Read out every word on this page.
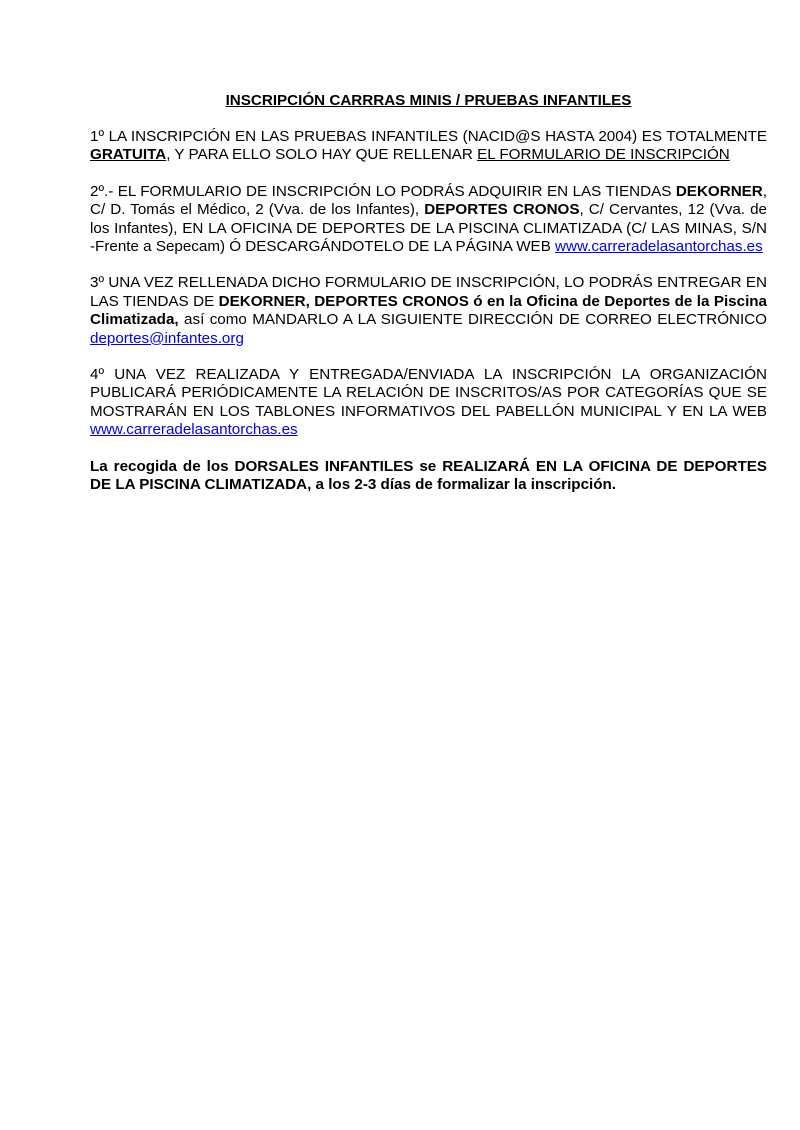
INSCRIPCIÓN CARRRAS MINIS / PRUEBAS INFANTILES

1º LA INSCRIPCIÓN EN LAS PRUEBAS INFANTILES (NACID@S HASTA 2004) ES TOTALMENTE GRATUITA, Y PARA ELLO SOLO HAY QUE RELLENAR EL FORMULARIO DE INSCRIPCIÓN

2º.- EL FORMULARIO DE INSCRIPCIÓN LO PODRÁS ADQUIRIR EN LAS TIENDAS DEKORNER, C/ D. Tomás el Médico, 2 (Vva. de los Infantes), DEPORTES CRONOS, C/ Cervantes, 12 (Vva. de los Infantes), EN LA OFICINA DE DEPORTES DE LA PISCINA CLIMATIZADA (C/ LAS MINAS, S/N -Frente a Sepecam) Ó DESCARGÁNDOTELO DE LA PÁGINA WEB www.carreradelasantorchas.es

3º UNA VEZ RELLENADA DICHO FORMULARIO DE INSCRIPCIÓN, LO PODRÁS ENTREGAR EN LAS TIENDAS DE DEKORNER, DEPORTES CRONOS ó en la Oficina de Deportes de la Piscina Climatizada, así como MANDARLO A LA SIGUIENTE DIRECCIÓN DE CORREO ELECTRÓNICO deportes@infantes.org

4º UNA VEZ REALIZADA Y ENTREGADA/ENVIADA LA INSCRIPCIÓN LA ORGANIZACIÓN PUBLICARÁ PERIÓDICAMENTE LA RELACIÓN DE INSCRITOS/AS POR CATEGORÍAS QUE SE MOSTRARÁN EN LOS TABLONES INFORMATIVOS DEL PABELLÓN MUNICIPAL Y EN LA WEB www.carreradelasantorchas.es

La recogida de los DORSALES INFANTILES se REALIZARÁ EN LA OFICINA DE DEPORTES DE LA PISCINA CLIMATIZADA, a los 2-3 días de formalizar la inscripción.
